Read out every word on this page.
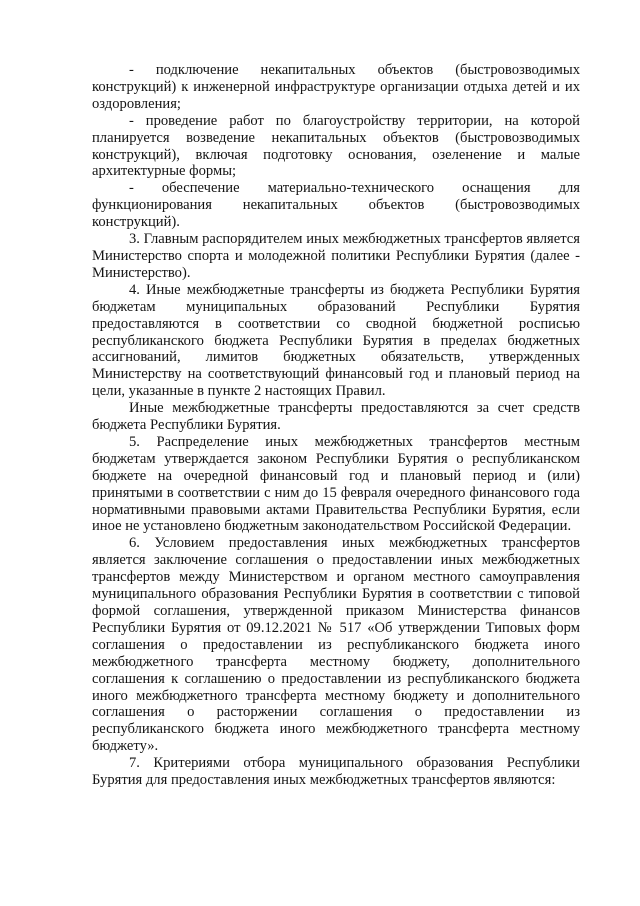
- подключение некапитальных объектов (быстровозводимых конструкций) к инженерной инфраструктуре организации отдыха детей и их оздоровления;

- проведение работ по благоустройству территории, на которой планируется возведение некапитальных объектов (быстровозводимых конструкций), включая подготовку основания, озеленение и малые архитектурные формы;

- обеспечение материально-технического оснащения для функционирования некапитальных объектов (быстровозводимых конструкций).

3. Главным распорядителем иных межбюджетных трансфертов является Министерство спорта и молодежной политики Республики Бурятия (далее - Министерство).

4. Иные межбюджетные трансферты из бюджета Республики Бурятия бюджетам муниципальных образований Республики Бурятия предоставляются в соответствии со сводной бюджетной росписью республиканского бюджета Республики Бурятия в пределах бюджетных ассигнований, лимитов бюджетных обязательств, утвержденных Министерству на соответствующий финансовый год и плановый период на цели, указанные в пункте 2 настоящих Правил.

Иные межбюджетные трансферты предоставляются за счет средств бюджета Республики Бурятия.

5. Распределение иных межбюджетных трансфертов местным бюджетам утверждается законом Республики Бурятия о республиканском бюджете на очередной финансовый год и плановый период и (или) принятыми в соответствии с ним до 15 февраля очередного финансового года нормативными правовыми актами Правительства Республики Бурятия, если иное не установлено бюджетным законодательством Российской Федерации.

6. Условием предоставления иных межбюджетных трансфертов является заключение соглашения о предоставлении иных межбюджетных трансфертов между Министерством и органом местного самоуправления муниципального образования Республики Бурятия в соответствии с типовой формой соглашения, утвержденной приказом Министерства финансов Республики Бурятия от 09.12.2021 № 517 «Об утверждении Типовых форм соглашения о предоставлении из республиканского бюджета иного межбюджетного трансферта местному бюджету, дополнительного соглашения к соглашению о предоставлении из республиканского бюджета иного межбюджетного трансферта местному бюджету и дополнительного соглашения о расторжении соглашения о предоставлении из республиканского бюджета иного межбюджетного трансферта местному бюджету».

7. Критериями отбора муниципального образования Республики Бурятия для предоставления иных межбюджетных трансфертов являются:
